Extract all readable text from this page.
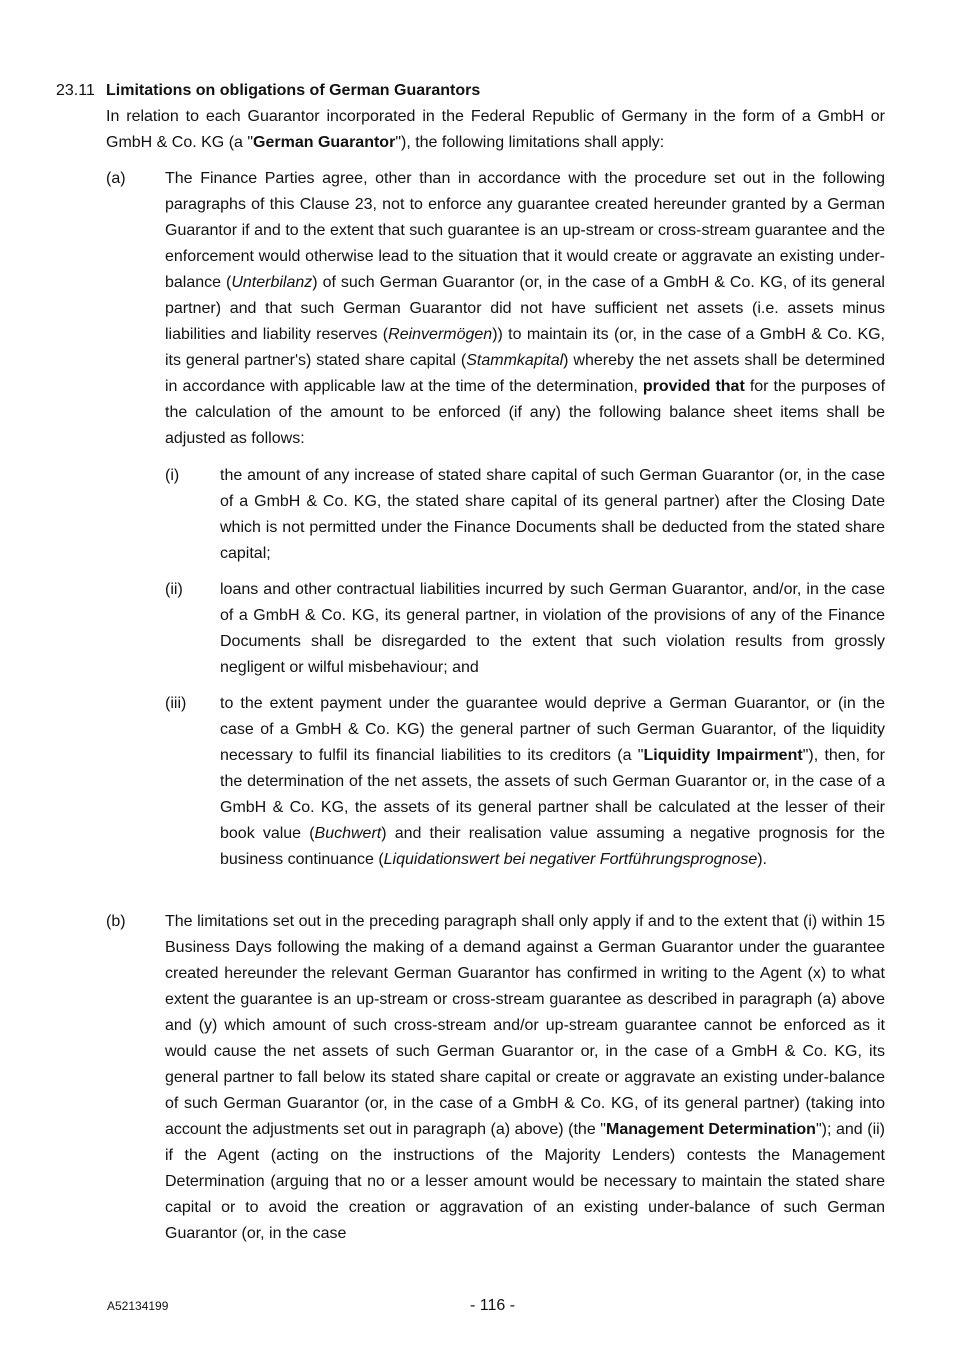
23.11 Limitations on obligations of German Guarantors
In relation to each Guarantor incorporated in the Federal Republic of Germany in the form of a GmbH or GmbH & Co. KG (a "German Guarantor"), the following limitations shall apply:
(a)	The Finance Parties agree, other than in accordance with the procedure set out in the following paragraphs of this Clause 23, not to enforce any guarantee created hereunder granted by a German Guarantor if and to the extent that such guarantee is an up-stream or cross-stream guarantee and the enforcement would otherwise lead to the situation that it would create or aggravate an existing under-balance (Unterbilanz) of such German Guarantor (or, in the case of a GmbH & Co. KG, of its general partner) and that such German Guarantor did not have sufficient net assets (i.e. assets minus liabilities and liability reserves (Reinvermögen)) to maintain its (or, in the case of a GmbH & Co. KG, its general partner's) stated share capital (Stammkapital) whereby the net assets shall be determined in accordance with applicable law at the time of the determination, provided that for the purposes of the calculation of the amount to be enforced (if any) the following balance sheet items shall be adjusted as follows:
(i)	the amount of any increase of stated share capital of such German Guarantor (or, in the case of a GmbH & Co. KG, the stated share capital of its general partner) after the Closing Date which is not permitted under the Finance Documents shall be deducted from the stated share capital;
(ii)	loans and other contractual liabilities incurred by such German Guarantor, and/or, in the case of a GmbH & Co. KG, its general partner, in violation of the provisions of any of the Finance Documents shall be disregarded to the extent that such violation results from grossly negligent or wilful misbehaviour; and
(iii)	to the extent payment under the guarantee would deprive a German Guarantor, or (in the case of a GmbH & Co. KG) the general partner of such German Guarantor, of the liquidity necessary to fulfil its financial liabilities to its creditors (a "Liquidity Impairment"), then, for the determination of the net assets, the assets of such German Guarantor or, in the case of a GmbH & Co. KG, the assets of its general partner shall be calculated at the lesser of their book value (Buchwert) and their realisation value assuming a negative prognosis for the business continuance (Liquidationswert bei negativer Fortführungsprognose).
(b)	The limitations set out in the preceding paragraph shall only apply if and to the extent that (i) within 15 Business Days following the making of a demand against a German Guarantor under the guarantee created hereunder the relevant German Guarantor has confirmed in writing to the Agent (x) to what extent the guarantee is an up-stream or cross-stream guarantee as described in paragraph (a) above and (y) which amount of such cross-stream and/or up-stream guarantee cannot be enforced as it would cause the net assets of such German Guarantor or, in the case of a GmbH & Co. KG, its general partner to fall below its stated share capital or create or aggravate an existing under-balance of such German Guarantor (or, in the case of a GmbH & Co. KG, of its general partner) (taking into account the adjustments set out in paragraph (a) above) (the "Management Determination"); and (ii) if the Agent (acting on the instructions of the Majority Lenders) contests the Management Determination (arguing that no or a lesser amount would be necessary to maintain the stated share capital or to avoid the creation or aggravation of an existing under-balance of such German Guarantor (or, in the case
A52134199	- 116 -
